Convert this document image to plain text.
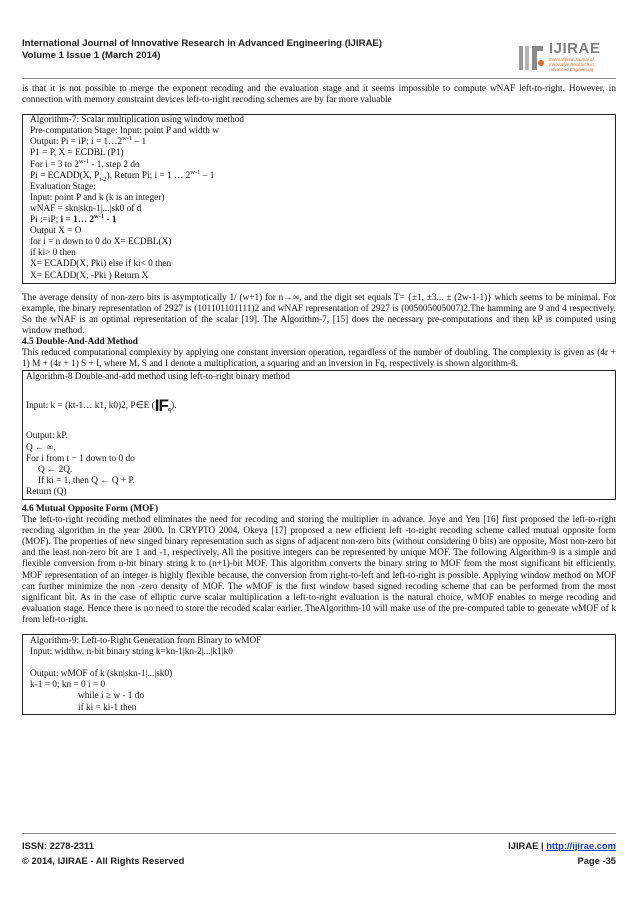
International Journal of Innovative Research in Advanced Engineering (IJIRAE)
Volume 1 Issue 1 (March 2014)	IJIRAE
International Journal of
Innovative Research in
Advanced Engineering

is that it is not possible to merge the exponent recoding and the evaluation stage and it seems impossible to compute wNAF left-to-right. However, in connection with memory constraint devices left-to-right recoding schemes are by far more valuable

Algorithm-7: Scalar multiplication using window method
Pre-computation Stage: Input: point P and width w
Output: Pi = iP; $i = 1\dots 2^{w-1} - 1$
P1 = P, X = ECDBL (P1)
For i = 3 to 2$^{w-1}$ - 1, step 2 do
Pi = ECADD(X, $P_{i-2}$), Return Pi; i = 1 … 2$^{w-1}$ – 1
Evaluation Stage:
Input: point P and k (k is an integer)
wNAF = skn|skn-1|...|sk0 of d
Pi :=iP; i = 1… 2$^{w-1}$ - 1
Output X = O
for i = n down to 0 do X= ECDBL(X)
if ki> 0 then
X= ECADD(X, Pki) else if ki< 0 then
X= ECADD(X, -Pki ) Return X

The average density of non-zero bits is asymptotically 1/ (w+1) for n→∞, and the digit set equals T= {±1, ±3... ± (2w-1-1)} which seems to be minimal. For example, the binary representation of 2927 is (101101101111)2 and wNAF representation of 2927 is (005005005007)2.The hamming are 9 and 4 respectively. So the wNAF is an optimal representation of the scalar [19]. The Algorithm-7, [15] does the necessary pre-computations and then kP is computed using window method.

4.5 Double-And-Add Method

This reduced computational complexity by applying one constant inversion operation, regardless of the number of doubling. The complexity is given as (4r + 1) M + (4r + 1) S + I, where M, S and I denote a multiplication, a squaring and an inversion in Fq, respectively is shown algorithm-8.

Algorithm-8 Double-and-add method using left-to-right binary method
Input: k = (kt-1… k1, k0)2, P∈E $(IF_q)$.
Output: kP.
Q ← ∞.
For i from t − 1 down to 0 do
Q ← 2Q.
If ki = 1, then Q ← Q + P.
Return (Q)
4.6 Mutual Opposite Form (MOF)

The left-to-right recoding method eliminates the need for recoding and storing the multiplier in advance. Joye and Yen [16] first proposed the left-to-right recoding algorithm in the year 2000. In CRYPTO 2004, Okeya [17] proposed a new efficient left -to-right recoding scheme called mutual opposite form (MOF). The properties of new singed binary representation such as signs of adjacent non-zero bits (without considering 0 bits) are opposite, Most non-zero bit and the least non-zero bit are 1 and -1, respectively, All the positive integers can be represented by unique MOF. The following Algorithm-9 is a simple and flexible conversion from n-bit binary string k to (n+1)-bit MOF. This algorithm converts the binary string to MOF from the most significant bit efficiently. MOF representation of an integer is highly flexible because, the conversion from right-to-left and left-to-right is possible. Applying window method on MOF can further minimize the non -zero density of MOF. The wMOF is the first window based signed recoding scheme that can be performed from the most significant bit. As in the case of elliptic curve scalar multiplication a left-to-right evaluation is the natural choice, wMOF enables to merge recoding and evaluation stage. Hence there is no need to store the recoded scalar earlier. TheAlgorithm-10 will make use of the pre-computed table to generate wMOF of k from left-to-right.

Algorithm-9: Left-to-Right Generation from Binary to wMOF
Input: widthw, n-bit binary string k=kn-1|kn-2|...|k1|k0
Output: wMOF of k (skn|skn-1|...|sk0)
k-1 = 0; kn = 0 i = 0
while i ≥ w - 1 do
if ki = ki-1 then
ISSN: 2278-2311
© 2014, IJIRAE - All Rights Reserved
IJIRAE | http://ijirae.com
Page -35
